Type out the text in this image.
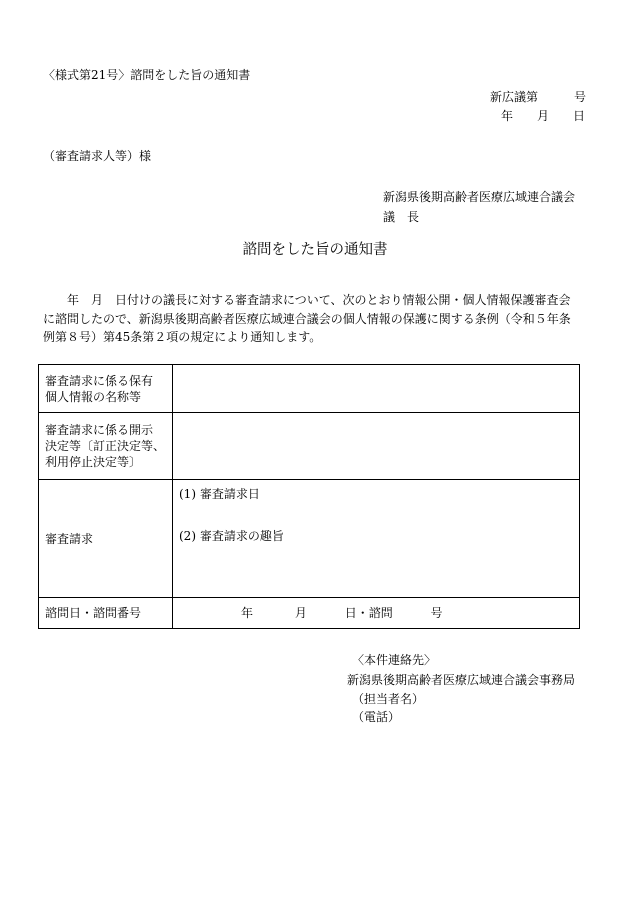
〈様式第21号〉諮問をした旨の通知書
新広議第　　　号
年　　月　　日
（審査請求人等）様
新潟県後期高齢者医療広域連合議会
議　長
諮問をした旨の通知書
年　月　日付けの議長に対する審査請求について、次のとおり情報公開・個人情報保護審査会
に諮問したので、新潟県後期高齢者医療広域連合議会の個人情報の保護に関する条例（令和５年条
例第８号）第45条第２項の規定により通知します。
審査請求に係る保有
個人情報の名称等	

審査請求に係る開示
決定等〔訂正決定等、
利用停止決定等〕	

審査請求	(1) 審査請求日
(2) 審査請求の趣旨

諮問日・諮問番号	年 月 日・諮問 号
〈本件連絡先〉
新潟県後期高齢者医療広域連合議会事務局
（担当者名）
（電話）
